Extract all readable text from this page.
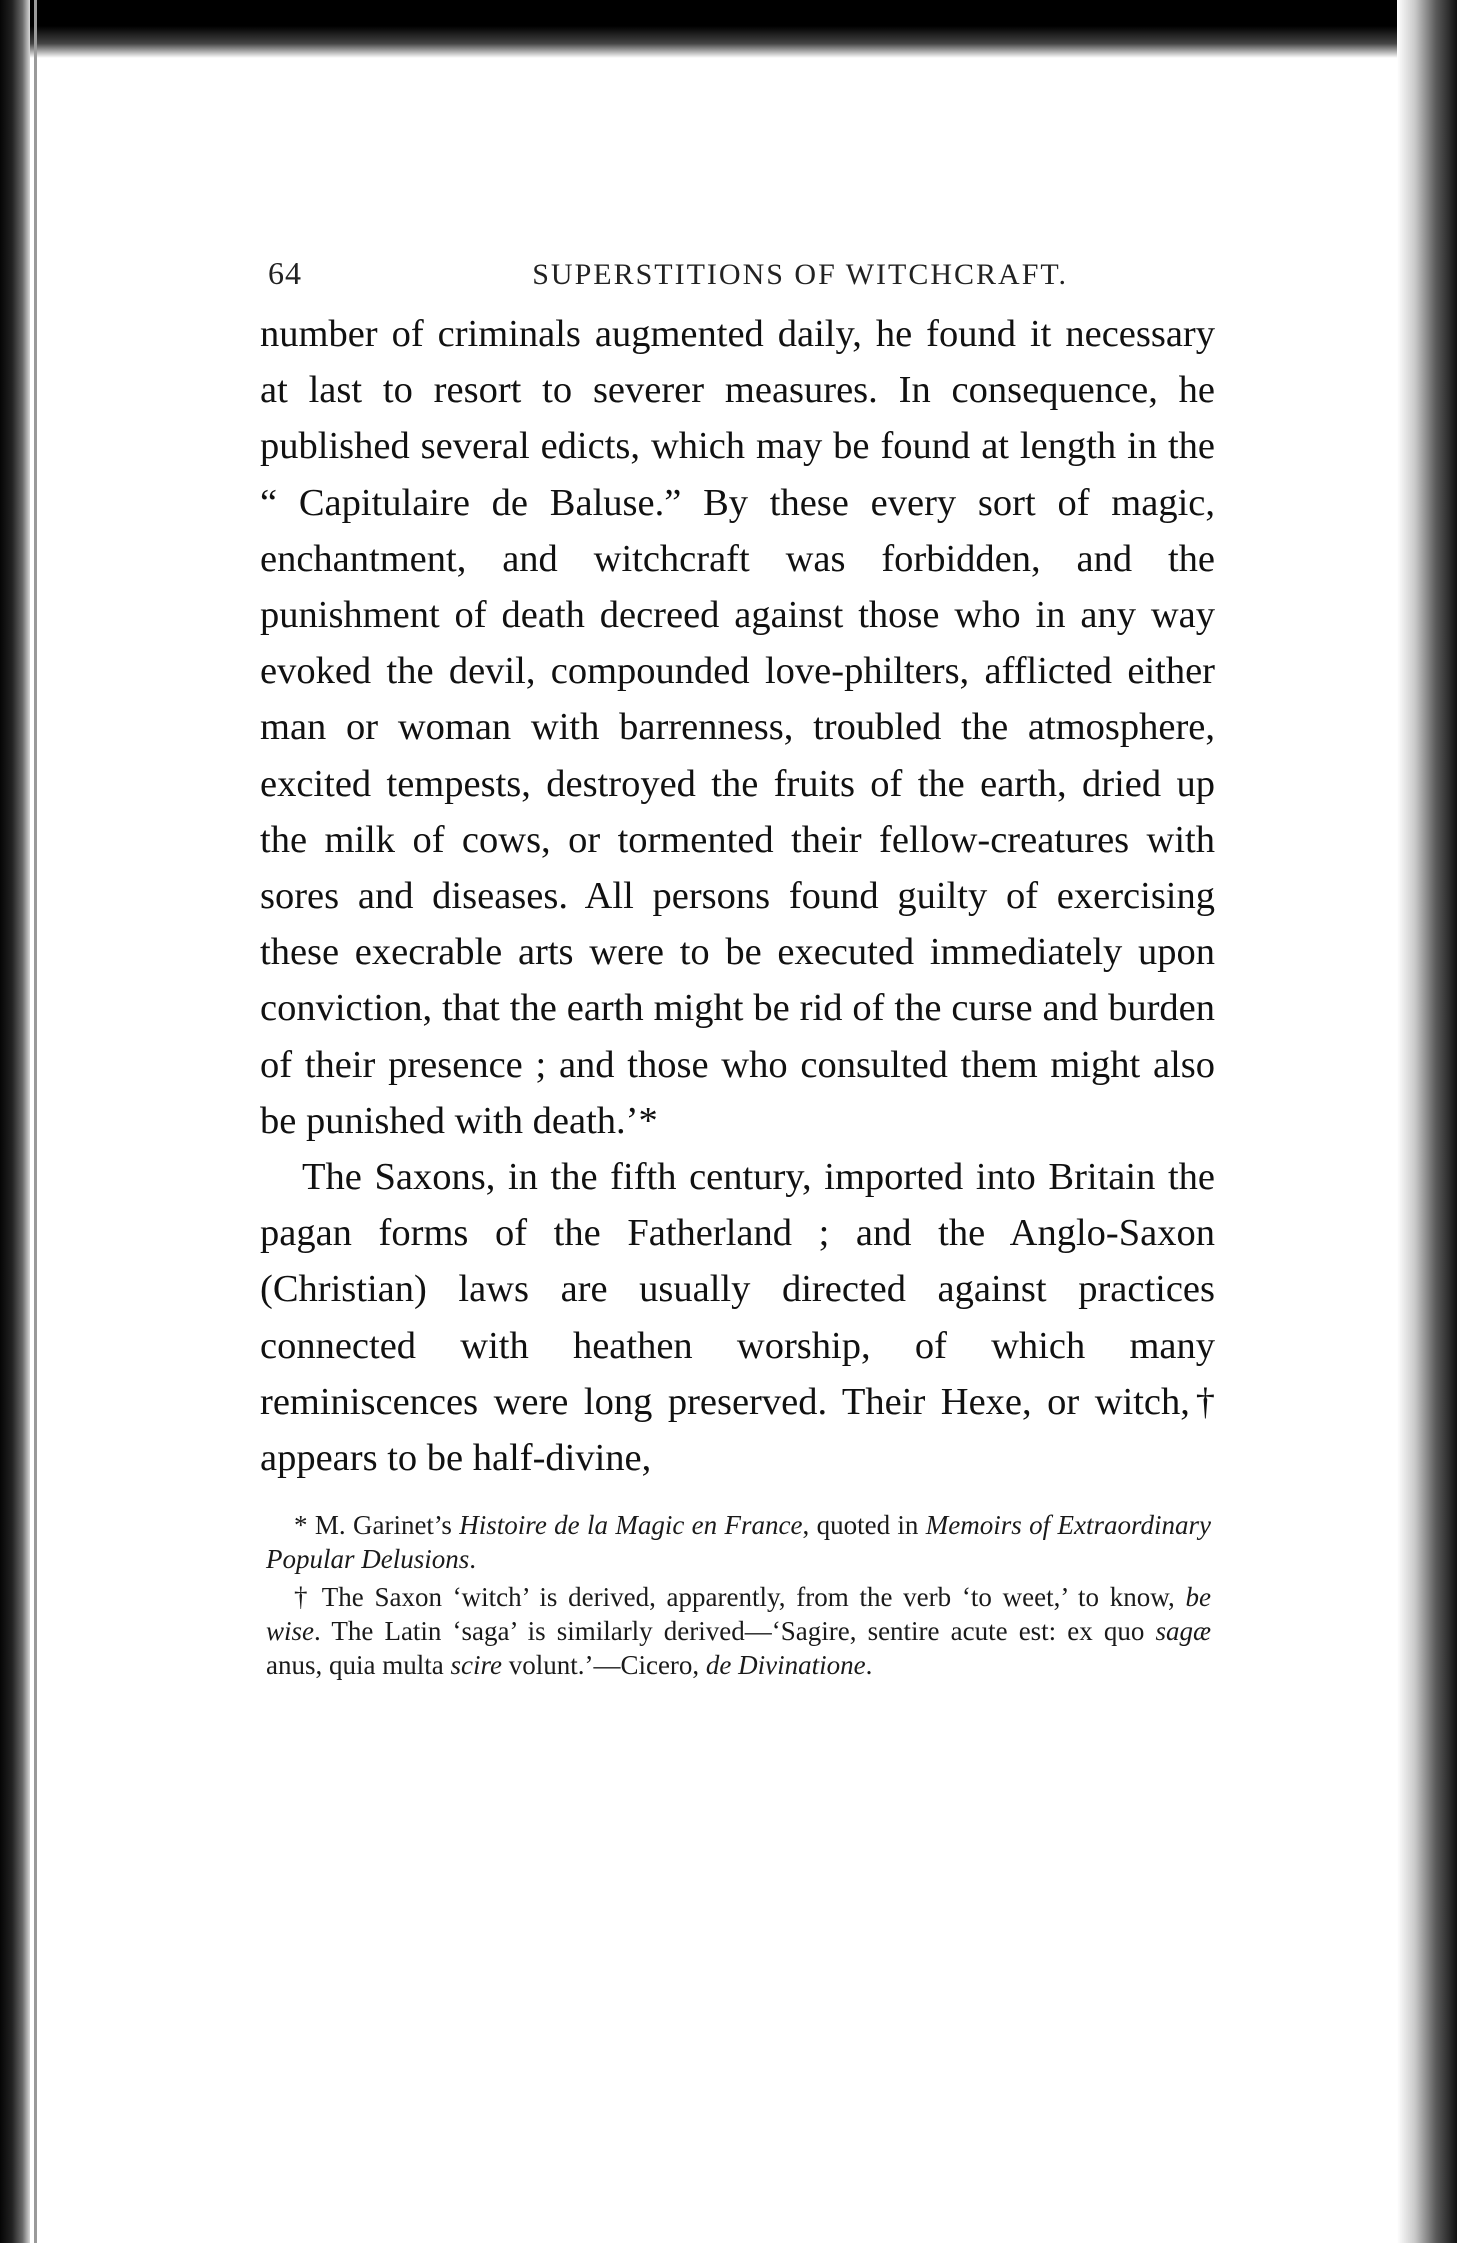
64	SUPERSTITIONS OF WITCHCRAFT.

number of criminals augmented daily, he found it necessary at last to resort to severer measures. In consequence, he published several edicts, which may be found at length in the “ Capitulaire de Baluse.” By these every sort of magic, enchantment, and witchcraft was forbidden, and the punishment of death decreed against those who in any way evoked the devil, compounded love-philters, afflicted either man or woman with barrenness, troubled the atmosphere, excited tempests, destroyed the fruits of the earth, dried up the milk of cows, or tormented their fellow-creatures with sores and diseases. All persons found guilty of exercising these execrable arts were to be executed immediately upon conviction, that the earth might be rid of the curse and burden of their presence ; and those who consulted them might also be punished with death.’*

The Saxons, in the fifth century, imported into Britain the pagan forms of the Fatherland ; and the Anglo-Saxon (Christian) laws are usually directed against practices connected with heathen worship, of which many reminiscences were long preserved. Their Hexe, or witch,† appears to be half-divine,

* M. Garinet’s Histoire de la Magic en France, quoted in Memoirs of Extraordinary Popular Delusions.

† The Saxon ‘witch’ is derived, apparently, from the verb ‘to weet,’ to know, be wise. The Latin ‘saga’ is similarly derived—‘Sagire, sentire acute est: ex quo sagæ anus, quia multa scire volunt.’—Cicero, de Divinatione.
